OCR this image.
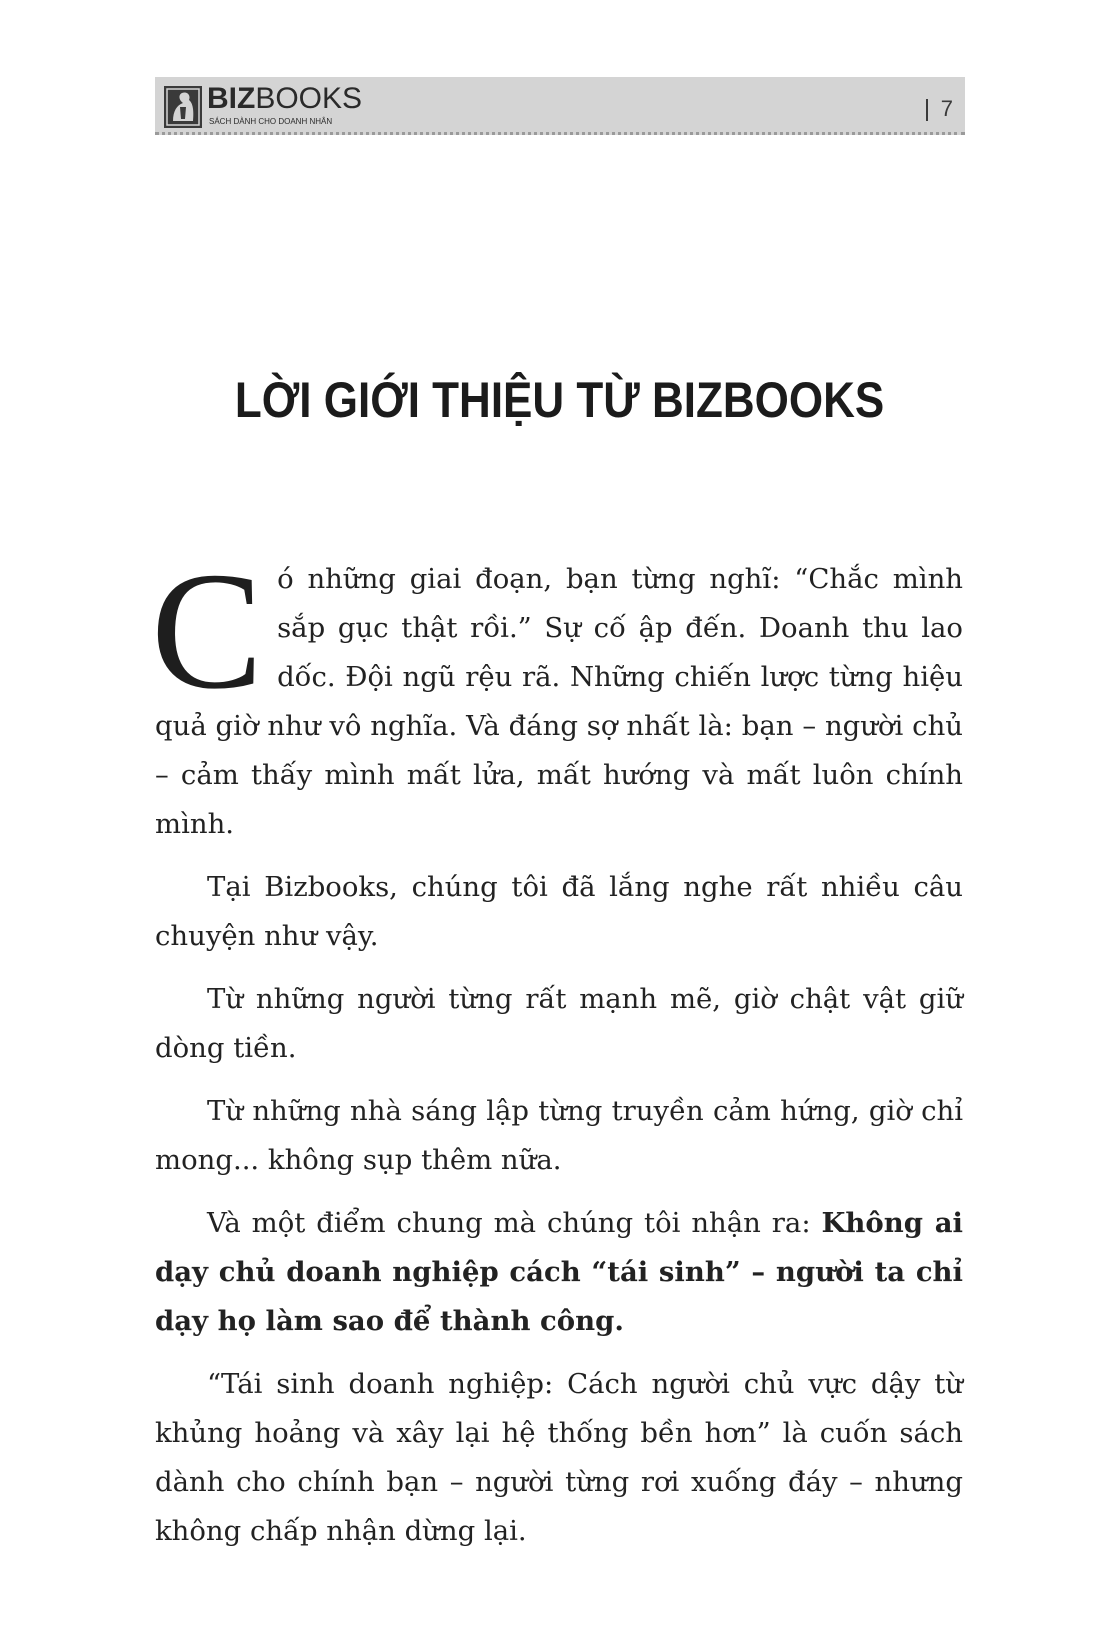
BIZBOOKS
SÁCH DÀNH CHO DOANH NHÂN
7
LỜI GIỚI THIỆU TỪ BIZBOOKS

Có những giai đoạn, bạn từng nghĩ: “Chắc mình sắp gục thật rồi.” Sự cố ập đến. Doanh thu lao dốc. Đội ngũ rệu rã. Những chiến lược từng hiệu quả giờ như vô nghĩa. Và đáng sợ nhất là: bạn – người chủ – cảm thấy mình mất lửa, mất hướng và mất luôn chính mình.

Tại Bizbooks, chúng tôi đã lắng nghe rất nhiều câu chuyện như vậy.

Từ những người từng rất mạnh mẽ, giờ chật vật giữ dòng tiền.

Từ những nhà sáng lập từng truyền cảm hứng, giờ chỉ mong... không sụp thêm nữa.

Và một điểm chung mà chúng tôi nhận ra: Không ai dạy chủ doanh nghiệp cách “tái sinh” – người ta chỉ dạy họ làm sao để thành công.

“Tái sinh doanh nghiệp: Cách người chủ vực dậy từ khủng hoảng và xây lại hệ thống bền hơn” là cuốn sách dành cho chính bạn – người từng rơi xuống đáy – nhưng không chấp nhận dừng lại.
